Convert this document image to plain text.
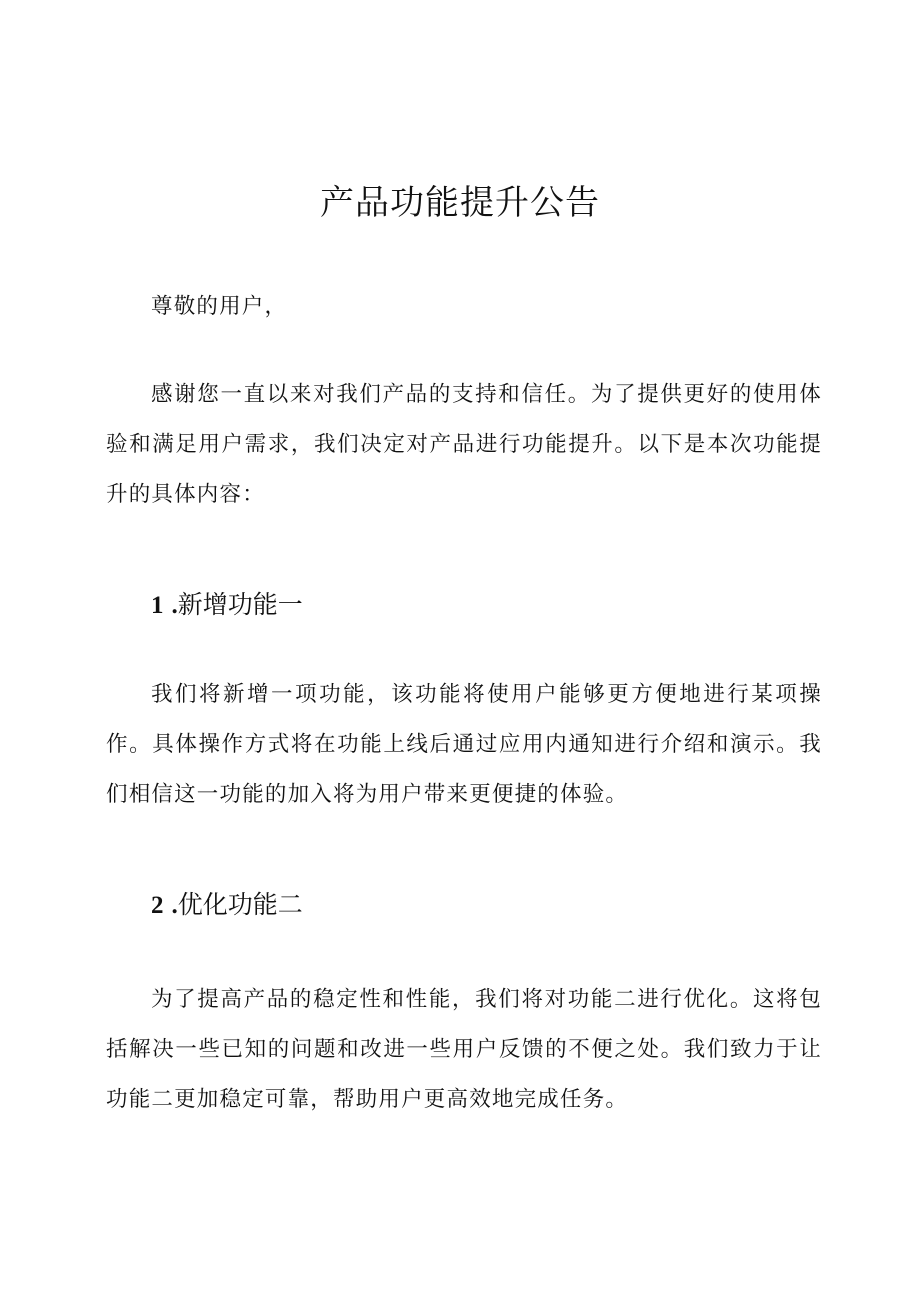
产品功能提升公告

尊敬的用户，

感谢您一直以来对我们产品的支持和信任。为了提供更好的使用体验和满足用户需求，我们决定对产品进行功能提升。以下是本次功能提升的具体内容：

1 .新增功能一

我们将新增一项功能，该功能将使用户能够更方便地进行某项操作。具体操作方式将在功能上线后通过应用内通知进行介绍和演示。我们相信这一功能的加入将为用户带来更便捷的体验。

2 .优化功能二

为了提高产品的稳定性和性能，我们将对功能二进行优化。这将包括解决一些已知的问题和改进一些用户反馈的不便之处。我们致力于让功能二更加稳定可靠，帮助用户更高效地完成任务。
